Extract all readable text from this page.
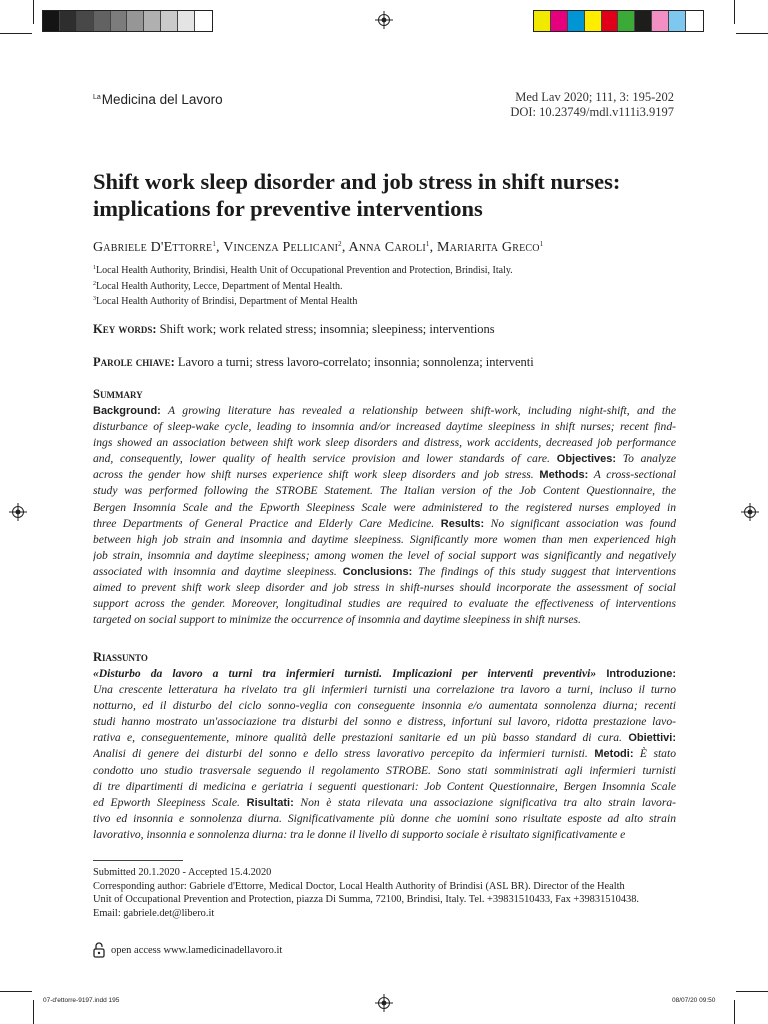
$^{La}$Medicina del Lavoro	Med Lav 2020; 111, 3: 195-202
DOI: 10.23749/mdl.v111i3.9197
Shift work sleep disorder and job stress in shift nurses:
implications for preventive interventions
Gabriele D'Ettorre$^1$, Vincenza Pellicani$^2$, Anna Caroli$^1$, Mariarita Greco$^1$
$^1$Local Health Authority, Brindisi, Health Unit of Occupational Prevention and Protection, Brindisi, Italy.
$^2$Local Health Authority, Lecce, Department of Mental Health.
$^3$Local Health Authority of Brindisi, Department of Mental Health
Key words: Shift work; work related stress; insomnia; sleepiness; interventions
Parole chiave: Lavoro a turni; stress lavoro-correlato; insonnia; sonnolenza; interventi
Summary
Background: A growing literature has revealed a relationship between shift-work, including night-shift, and the
disturbance of sleep-wake cycle, leading to insomnia and/or increased daytime sleepiness in shift nurses; recent find-
ings showed an association between shift work sleep disorders and distress, work accidents, decreased job performance
and, consequently, lower quality of health service provision and lower standards of care. Objectives: To analyze
across the gender how shift nurses experience shift work sleep disorders and job stress. Methods: A cross-sectional
study was performed following the STROBE Statement. The Italian version of the Job Content Questionnaire, the
Bergen Insomnia Scale and the Epworth Sleepiness Scale were administered to the registered nurses employed in
three Departments of General Practice and Elderly Care Medicine. Results: No significant association was found
between high job strain and insomnia and daytime sleepiness. Significantly more women than men experienced high
job strain, insomnia and daytime sleepiness; among women the level of social support was significantly and negatively
associated with insomnia and daytime sleepiness. Conclusions: The findings of this study suggest that interventions
aimed to prevent shift work sleep disorder and job stress in shift-nurses should incorporate the assessment of social
support across the gender. Moreover, longitudinal studies are required to evaluate the effectiveness of interventions
targeted on social support to minimize the occurrence of insomnia and daytime sleepiness in shift nurses.
Riassunto
«Disturbo da lavoro a turni tra infermieri turnisti. Implicazioni per interventi preventivi» Introduzione:
Una crescente letteratura ha rivelato tra gli infermieri turnisti una correlazione tra lavoro a turni, incluso il turno
notturno, ed il disturbo del ciclo sonno-veglia con conseguente insonnia e/o aumentata sonnolenza diurna; recenti
studi hanno mostrato un'associazione tra disturbi del sonno e distress, infortuni sul lavoro, ridotta prestazione lavo-
rativa e, conseguentemente, minore qualità delle prestazioni sanitarie ed un più basso standard di cura. Obiettivi:
Analisi di genere dei disturbi del sonno e dello stress lavorativo percepito da infermieri turnisti. Metodi: È stato
condotto uno studio trasversale seguendo il regolamento STROBE. Sono stati somministrati agli infermieri turnisti
di tre dipartimenti di medicina e geriatria i seguenti questionari: Job Content Questionnaire, Bergen Insomnia Scale
ed Epworth Sleepiness Scale. Risultati: Non è stata rilevata una associazione significativa tra alto strain lavora-
tivo ed insonnia e sonnolenza diurna. Significativamente più donne che uomini sono risultate esposte ad alto strain
lavorativo, insonnia e sonnolenza diurna: tra le donne il livello di supporto sociale è risultato significativamente e
Submitted 20.1.2020 - Accepted 15.4.2020
Corresponding author: Gabriele d'Ettorre, Medical Doctor, Local Health Authority of Brindisi (ASL BR). Director of the Health
Unit of Occupational Prevention and Protection, piazza Di Summa, 72100, Brindisi, Italy. Tel. +39831510433, Fax +39831510438.
Email: gabriele.det@libero.it
open access www.lamedicinadellavoro.it
07-d'ettorre-9197.indd 195	08/07/20 09:50
